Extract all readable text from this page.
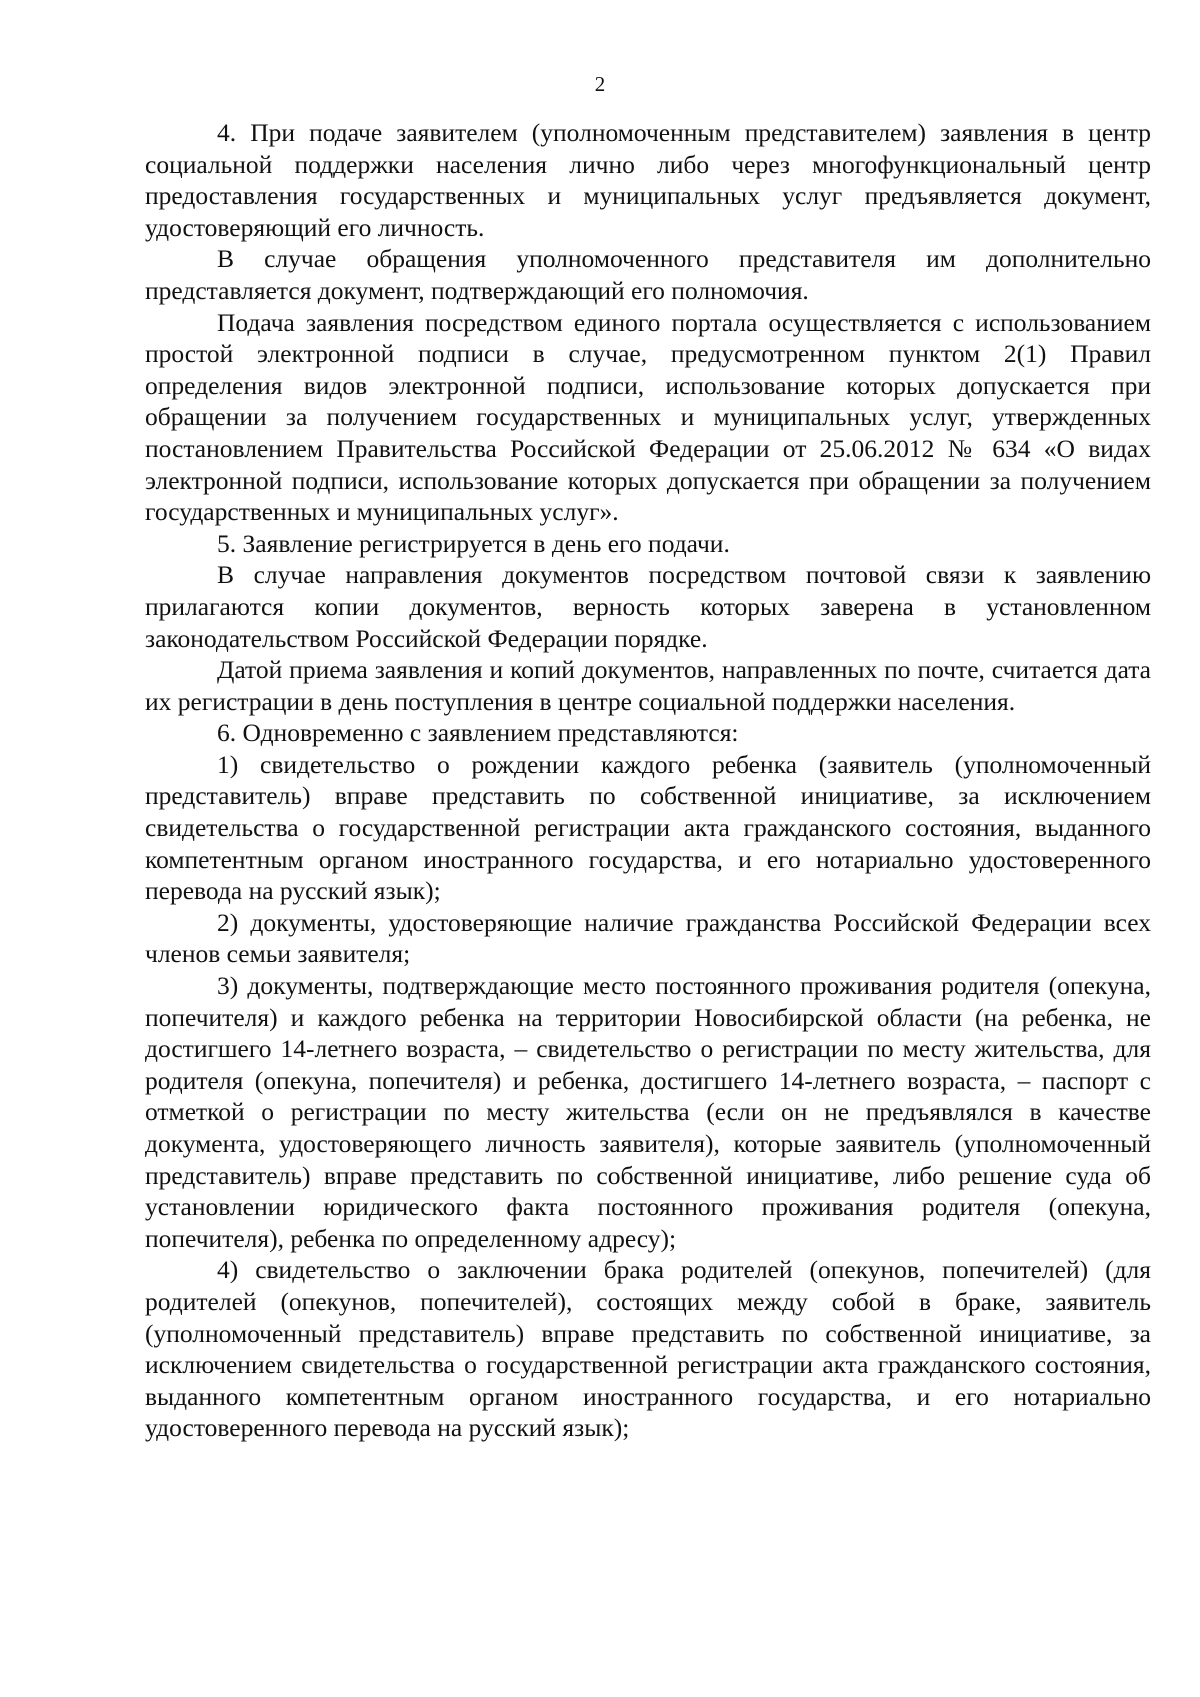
2

4. При подаче заявителем (уполномоченным представителем) заявления в центр социальной поддержки населения лично либо через многофункциональный центр предоставления государственных и муниципальных услуг предъявляется документ, удостоверяющий его личность.

В случае обращения уполномоченного представителя им дополнительно представляется документ, подтверждающий его полномочия.

Подача заявления посредством единого портала осуществляется с использованием простой электронной подписи в случае, предусмотренном пунктом 2(1) Правил определения видов электронной подписи, использование которых допускается при обращении за получением государственных и муниципальных услуг, утвержденных постановлением Правительства Российской Федерации от 25.06.2012 № 634 «О видах электронной подписи, использование которых допускается при обращении за получением государственных и муниципальных услуг».

5. Заявление регистрируется в день его подачи.

В случае направления документов посредством почтовой связи к заявлению прилагаются копии документов, верность которых заверена в установленном законодательством Российской Федерации порядке.

Датой приема заявления и копий документов, направленных по почте, считается дата их регистрации в день поступления в центре социальной поддержки населения.

6. Одновременно с заявлением представляются:

1) свидетельство о рождении каждого ребенка (заявитель (уполномоченный представитель) вправе представить по собственной инициативе, за исключением свидетельства о государственной регистрации акта гражданского состояния, выданного компетентным органом иностранного государства, и его нотариально удостоверенного перевода на русский язык);

2) документы, удостоверяющие наличие гражданства Российской Федерации всех членов семьи заявителя;

3) документы, подтверждающие место постоянного проживания родителя (опекуна, попечителя) и каждого ребенка на территории Новосибирской области (на ребенка, не достигшего 14-летнего возраста, – свидетельство о регистрации по месту жительства, для родителя (опекуна, попечителя) и ребенка, достигшего 14-летнего возраста, – паспорт с отметкой о регистрации по месту жительства (если он не предъявлялся в качестве документа, удостоверяющего личность заявителя), которые заявитель (уполномоченный представитель) вправе представить по собственной инициативе, либо решение суда об установлении юридического факта постоянного проживания родителя (опекуна, попечителя), ребенка по определенному адресу);

4) свидетельство о заключении брака родителей (опекунов, попечителей) (для родителей (опекунов, попечителей), состоящих между собой в браке, заявитель (уполномоченный представитель) вправе представить по собственной инициативе, за исключением свидетельства о государственной регистрации акта гражданского состояния, выданного компетентным органом иностранного государства, и его нотариально удостоверенного перевода на русский язык);
